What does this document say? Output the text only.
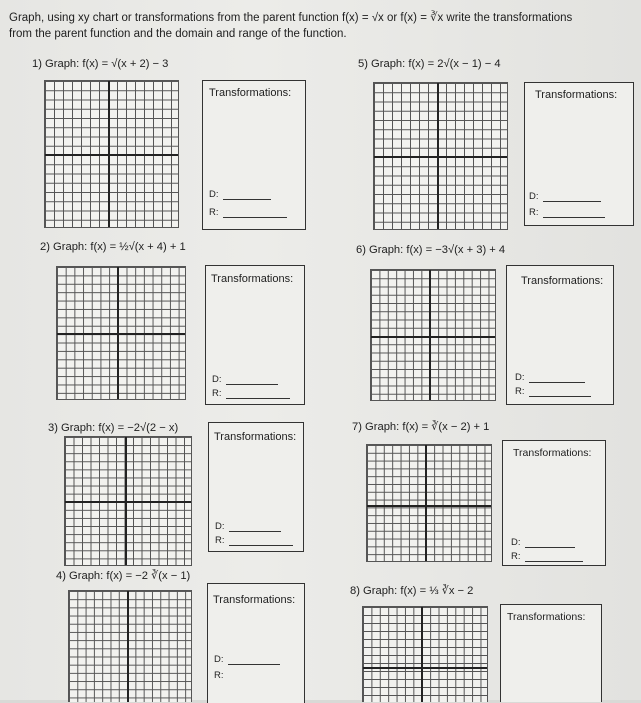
Graph, using xy chart or transformations from the parent function f(x) = √x or f(x) = ∛x write the transformations
from the parent function and the domain and range of the function.
1) Graph: f(x) = √(x + 2) − 3
Transformations:
D:
R:
5) Graph: f(x) = 2√(x − 1) − 4
Transformations:
D:
R:
2) Graph: f(x) = ½√(x + 4) + 1
Transformations:
D:
R:
6) Graph: f(x) = −3√(x + 3) + 4
Transformations:
D:
R:
3) Graph: f(x) = −2√(2 − x)
Transformations:
D:
R:
7) Graph: f(x) = ∛(x − 2) + 1
Transformations:
D:
R:
4) Graph: f(x) = −2 ∛(x − 1)
Transformations:
D:
R:
8) Graph: f(x) = ⅓ ∛x − 2
Transformations:
